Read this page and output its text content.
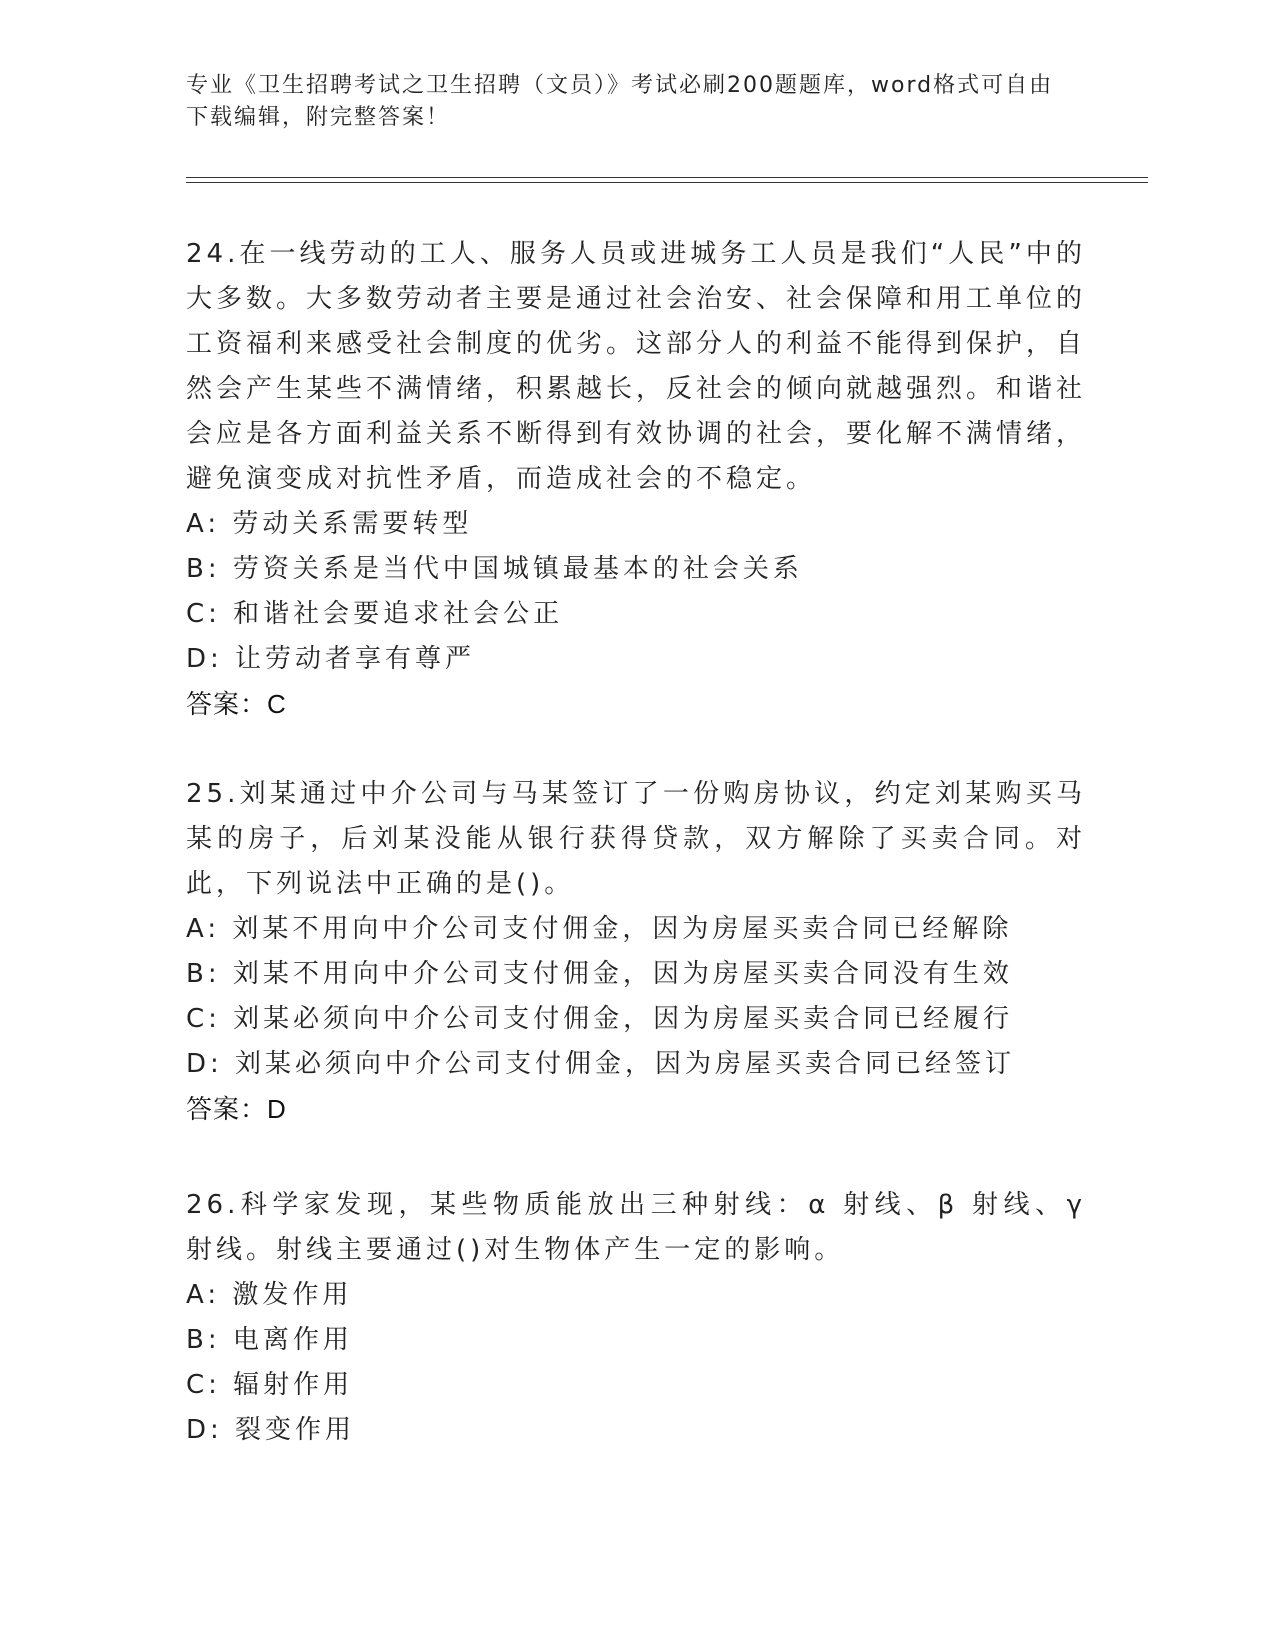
专业《卫生招聘考试之卫生招聘（文员）》考试必刷200题题库，word格式可自由下载编辑，附完整答案！

24.在一线劳动的工人、服务人员或进城务工人员是我们“人民”中的大多数。大多数劳动者主要是通过社会治安、社会保障和用工单位的工资福利来感受社会制度的优劣。这部分人的利益不能得到保护，自然会产生某些不满情绪，积累越长，反社会的倾向就越强烈。和谐社会应是各方面利益关系不断得到有效协调的社会，要化解不满情绪，避免演变成对抗性矛盾，而造成社会的不稳定。

A: 劳动关系需要转型

B: 劳资关系是当代中国城镇最基本的社会关系

C: 和谐社会要追求社会公正

D: 让劳动者享有尊严

答案：C

25.刘某通过中介公司与马某签订了一份购房协议，约定刘某购买马某的房子，后刘某没能从银行获得贷款，双方解除了买卖合同。对此，下列说法中正确的是()。

A: 刘某不用向中介公司支付佣金，因为房屋买卖合同已经解除

B: 刘某不用向中介公司支付佣金，因为房屋买卖合同没有生效

C: 刘某必须向中介公司支付佣金，因为房屋买卖合同已经履行

D: 刘某必须向中介公司支付佣金，因为房屋买卖合同已经签订

答案：D

26.科学家发现，某些物质能放出三种射线：α 射线、β 射线、γ 射线。射线主要通过()对生物体产生一定的影响。

A: 激发作用

B: 电离作用

C: 辐射作用

D: 裂变作用
